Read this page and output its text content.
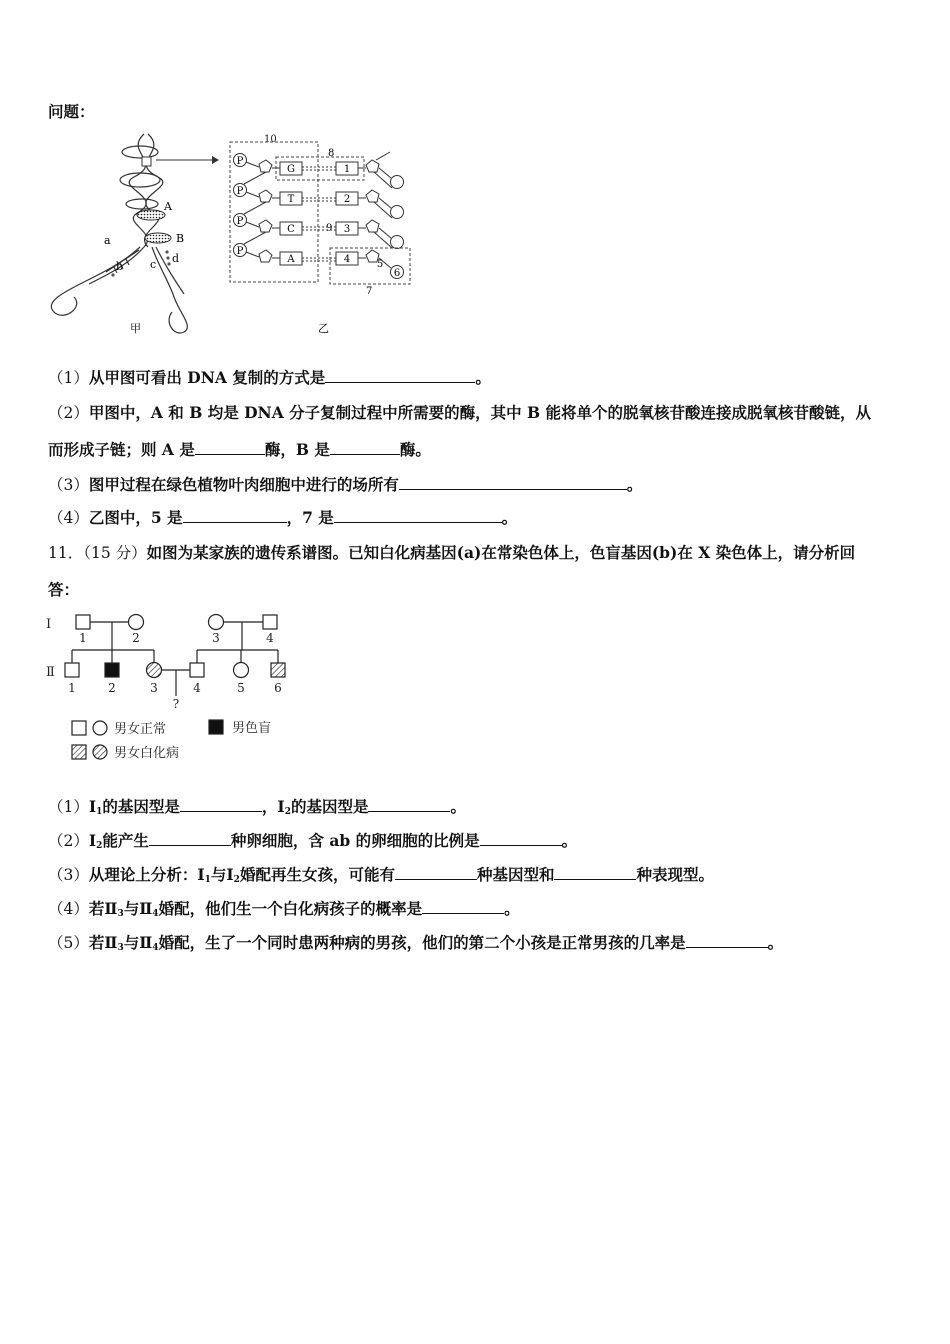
问题：
A
B
a
b c d
甲
10
P
P
P
P
G
T
C
A
8
9
1
2
3
4	5
6
7
乙
（1）从甲图可看出 DNA 复制的方式是	。
（2）甲图中，A 和 B 均是 DNA 分子复制过程中所需要的酶，其中 B 能将单个的脱氧核苷酸连接成脱氧核苷酸链，从
而形成子链；则 A 是	酶，B 是	酶。
（3）图甲过程在绿色植物叶肉细胞中进行的场所有	。
（4）乙图中，5 是	，7 是	。
11．（15 分）如图为某家族的遗传系谱图。已知白化病基因(a)在常染色体上，色盲基因(b)在 X 染色体上，请分析回
答：
Ⅰ
Ⅱ
1	2	3	4
1	2	3	4	5 6
?
男女正常	男色盲
男女白化病
$(1)Ⅰ_1$的基因型是	，$Ⅰ_2$的基因型是	。
$(2)Ⅰ_2$能产生	种卵细胞，含 ab 的卵细胞的比例是	。
（3）从理论上分析：$Ⅰ_1$与$Ⅰ_2$婚配再生女孩，可能有	种基因型和	种表现型。
（4）若$Ⅱ_3$与$Ⅱ_4$婚配，他们生一个白化病孩子的概率是	。
（5）若$Ⅱ_3$与$Ⅱ_4$婚配，生了一个同时患两种病的男孩，他们的第二个小孩是正常男孩的几率是	。
